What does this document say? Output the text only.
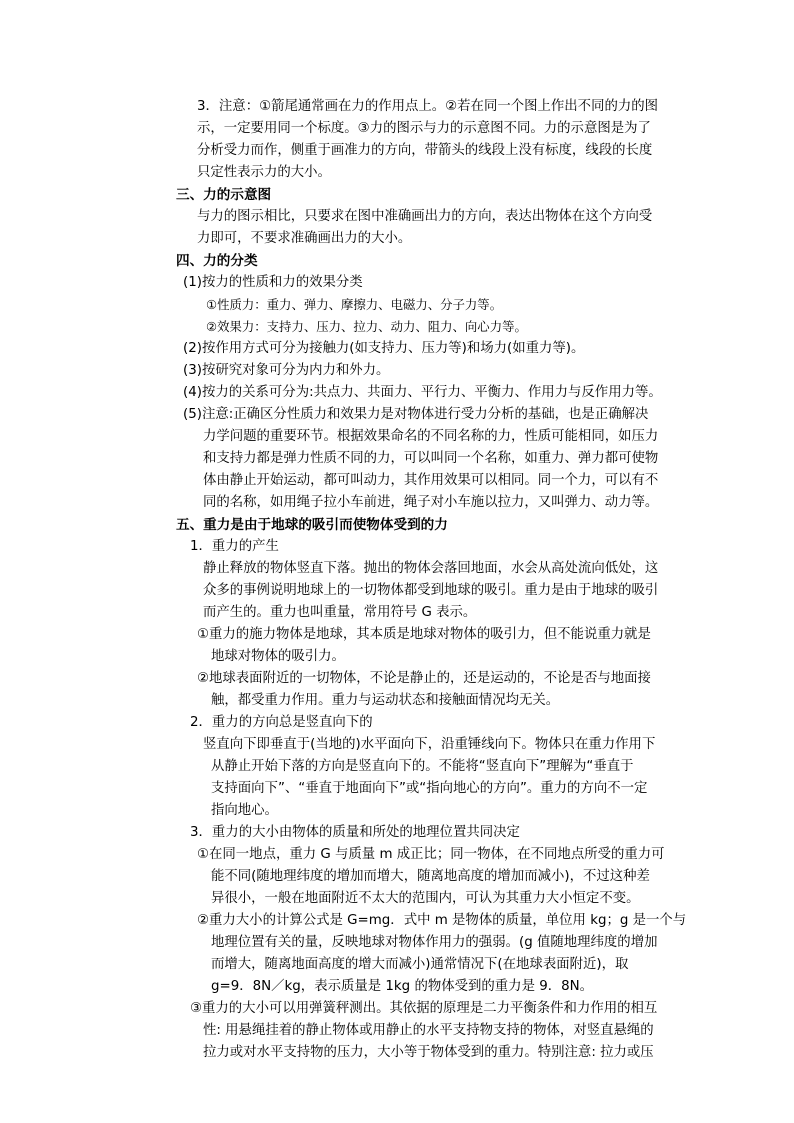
3．注意：①箭尾通常画在力的作用点上。②若在同一个图上作出不同的力的图
示，一定要用同一个标度。③力的图示与力的示意图不同。力的示意图是为了
分析受力而作，侧重于画准力的方向，带箭头的线段上没有标度，线段的长度
只定性表示力的大小。
三、力的示意图
与力的图示相比，只要求在图中准确画出力的方向，表达出物体在这个方向受
力即可，不要求准确画出力的大小。
四、力的分类
(1)按力的性质和力的效果分类
①性质力：重力、弹力、摩擦力、电磁力、分子力等。
②效果力：支持力、压力、拉力、动力、阻力、向心力等。
(2)按作用方式可分为接触力(如支持力、压力等)和场力(如重力等)。
(3)按研究对象可分为内力和外力。
(4)按力的关系可分为:共点力、共面力、平行力、平衡力、作用力与反作用力等。
(5)注意:正确区分性质力和效果力是对物体进行受力分析的基础，也是正确解决
力学问题的重要环节。根据效果命名的不同名称的力，性质可能相同，如压力
和支持力都是弹力性质不同的力，可以叫同一个名称，如重力、弹力都可使物
体由静止开始运动，都可叫动力，其作用效果可以相同。同一个力，可以有不
同的名称，如用绳子拉小车前进，绳子对小车施以拉力，又叫弹力、动力等。
五、重力是由于地球的吸引而使物体受到的力
1．重力的产生
静止释放的物体竖直下落。抛出的物体会落回地面，水会从高处流向低处，这
众多的事例说明地球上的一切物体都受到地球的吸引。重力是由于地球的吸引
而产生的。重力也叫重量，常用符号 G 表示。
①重力的施力物体是地球，其本质是地球对物体的吸引力，但不能说重力就是
地球对物体的吸引力。
②地球表面附近的一切物体，不论是静止的，还是运动的，不论是否与地面接
触，都受重力作用。重力与运动状态和接触面情况均无关。
2．重力的方向总是竖直向下的
竖直向下即垂直于(当地的)水平面向下，沿重锤线向下。物体只在重力作用下
从静止开始下落的方向是竖直向下的。不能将“竖直向下”理解为“垂直于
支持面向下”、“垂直于地面向下”或“指向地心的方向”。重力的方向不一定
指向地心。
3．重力的大小由物体的质量和所处的地理位置共同决定
①在同一地点，重力 G 与质量 m 成正比；同一物体，在不同地点所受的重力可
能不同(随地理纬度的增加而增大，随离地高度的增加而减小)，不过这种差
异很小，一般在地面附近不太大的范围内，可认为其重力大小恒定不变。
②重力大小的计算公式是 G=mg．式中 m 是物体的质量，单位用 kg；g 是一个与
地理位置有关的量，反映地球对物体作用力的强弱。(g 值随地理纬度的增加
而增大，随离地面高度的增大而减小)通常情况下(在地球表面附近)，取
g=9．8N／kg，表示质量是 1kg 的物体受到的重力是 9．8N。
③重力的大小可以用弹簧秤测出。其依据的原理是二力平衡条件和力作用的相互
性: 用悬绳挂着的静止物体或用静止的水平支持物支持的物体，对竖直悬绳的
拉力或对水平支持物的压力，大小等于物体受到的重力。特别注意: 拉力或压
